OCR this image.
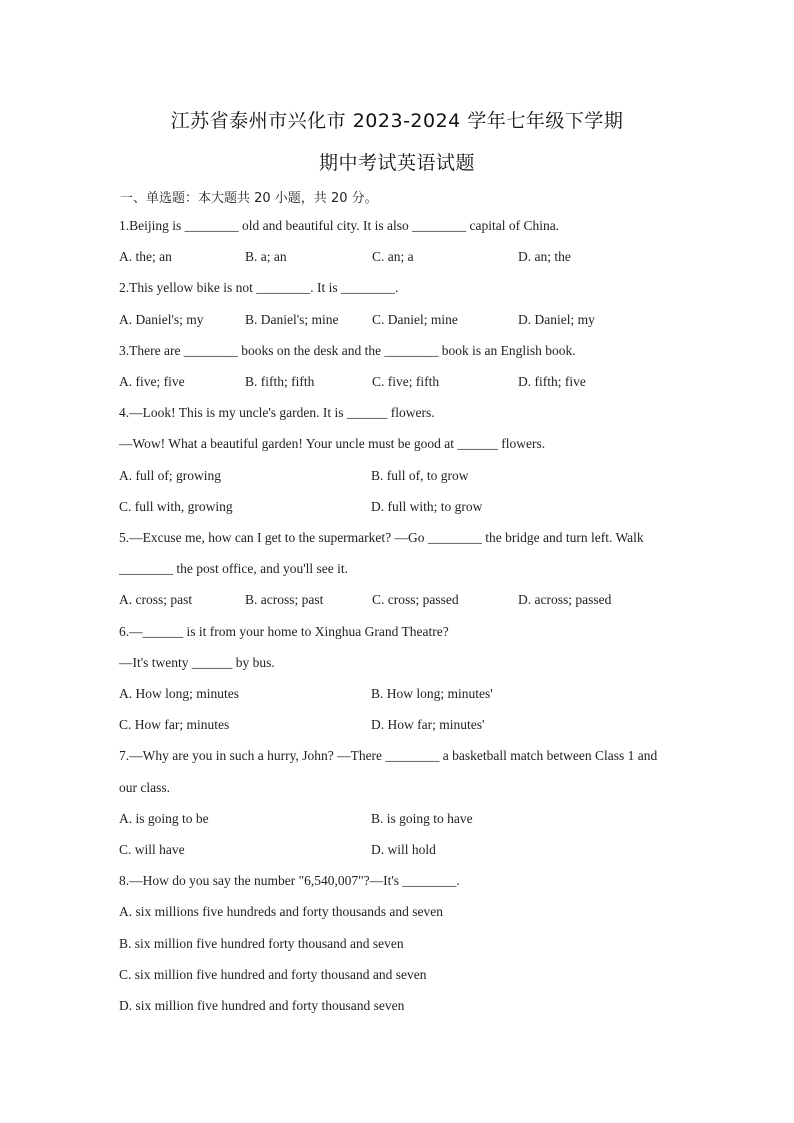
江苏省泰州市兴化市 2023-2024 学年七年级下学期
期中考试英语试题
一、单选题：本大题共 20 小题，共 20 分。
1.Beijing is ________ old and beautiful city. It is also ________ capital of China.
A. the; an	B. a; an	C. an; a	D. an; the
2.This yellow bike is not ________. It is ________.
A. Daniel's; my	B. Daniel's; mine C. Daniel; mine	D. Daniel; my
3.There are ________ books on the desk and the ________ book is an English book.
A. five; five	B. fifth; fifth	C. five; fifth	D. fifth; five
4.—Look! This is my uncle's garden. It is ______ flowers.
—Wow! What a beautiful garden! Your uncle must be good at ______ flowers.
A. full of; growing	B. full of, to grow
C. full with, growing	D. full with; to grow
5.—Excuse me, how can I get to the supermarket? —Go ________ the bridge and turn left. Walk
________ the post office, and you'll see it.
A. cross; past	B. across; past	C. cross; passed	D. across; passed
6.—______ is it from your home to Xinghua Grand Theatre?
—It's twenty ______ by bus.
A. How long; minutes	B. How long; minutes'
C. How far; minutes	D. How far; minutes'
7.—Why are you in such a hurry, John? —There ________ a basketball match between Class 1 and
our class.
A. is going to be	B. is going to have
C. will have	D. will hold
8.—How do you say the number "6,540,007"?—It's ________.
A. six millions five hundreds and forty thousands and seven
B. six million five hundred forty thousand and seven
C. six million five hundred and forty thousand and seven
D. six million five hundred and forty thousand seven
